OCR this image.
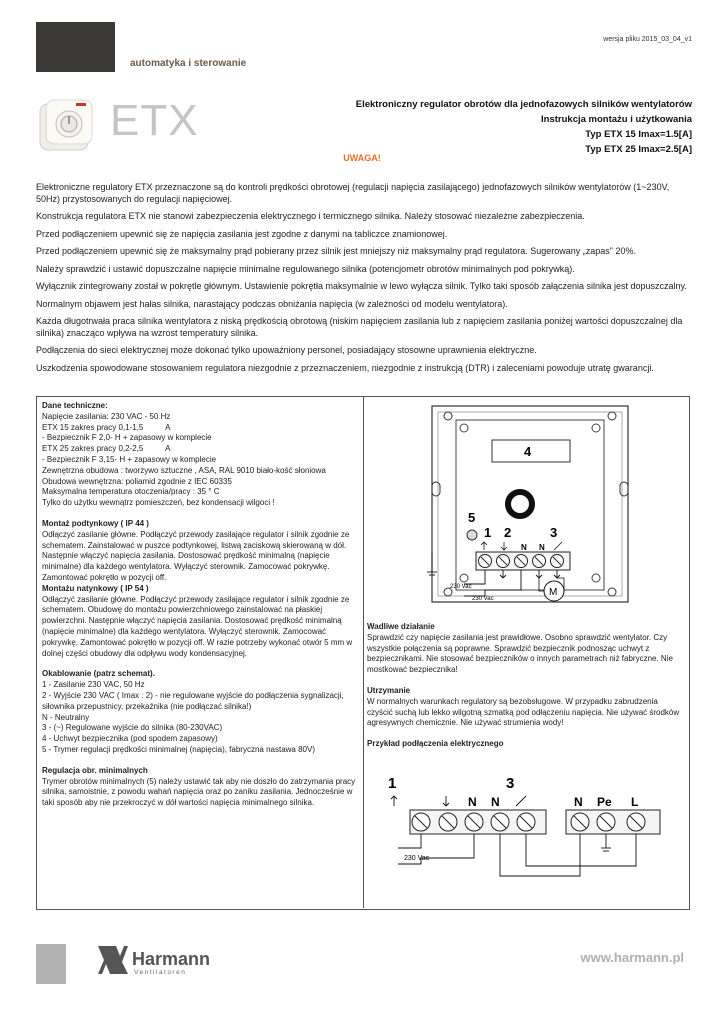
automatyka i sterowanie
wersja pliku 2015_03_04_v1
ETX	Elektroniczny regulator obrotów dla jednofazowych silników wentylatorów
Instrukcja montażu i użytkowania
Typ ETX 15 Imax=1.5[A]
Typ ETX 25 Imax=2.5[A]
UWAGA!

Elektroniczne regulatory ETX przeznaczone są do kontroli prędkości obrotowej (regulacji napięcia zasilającego) jednofazowych silników wentylatorów (1~230V, 50Hz) przystosowanych do regulacji napięciowej.

Konstrukcja regulatora ETX nie stanowi zabezpieczenia elektrycznego i termicznego silnika. Należy stosować niezależne zabezpieczenia.

Przed podłączeniem upewnić się że napięcia zasilania jest zgodne z danymi na tabliczce znamionowej.

Przed podłączeniem upewnić się że maksymalny prąd pobierany przez silnik jest mniejszy niż maksymalny prąd regulatora. Sugerowany „zapas" 20%.

Należy sprawdzić i ustawić dopuszczalne napięcie minimalne regulowanego silnika (potencjometr obrotów minimalnych pod pokrywką).

Wyłącznik zintegrowany został w pokrętle głównym. Ustawienie pokrętła maksymalnie w lewo wyłącza silnik. Tylko taki sposób załączenia silnika jest dopuszczalny.

Normalnym objawem jest hałas silnika, narastający podczas obniżania napięcia (w zależności od modelu wentylatora).

Każda długotrwała praca silnika wentylatora z niską prędkością obrotową (niskim napięciem zasilania lub z napięciem zasilania poniżej wartości dopuszczalnej dla silnika) znacząco wpływa na wzrost temperatury silnika.

Podłączenia do sieci elektrycznej może dokonać tylko upoważniony personel, posiadający stosowne uprawnienia elektryczne.

Uszkodzenia spowodowane stosowaniem regulatora niezgodnie z przeznaczeniem, niezgodnie z instrukcją (DTR) i zaleceniami powoduje utratę gwarancji.

Dane techniczne:
Napięcie zasilania: 230 VAC - 50 Hz
ETX 15 zakres pracy 0,1-1,5          A
- Bezpiecznik F 2,0- H + zapasowy w komplecie
ETX 25 zakres pracy 0,2-2,5          A
- Bezpiecznik F 3,15- H + zapasowy w komplecie
Zewnętrzna obudowa : tworzywo sztuczne , ASA, RAL 9010 biało-kość słoniowa
Obudowa wewnętrzna: poliamid zgodnie z IEC 60335
Maksymalna temperatura otoczenia/pracy : 35 ° C
Tylko do użytku wewnątrz pomieszczeń, bez kondensacji wilgoci !
Montaż podtynkowy ( IP 44 )
Odłączyć zasilanie główne. Podłączyć przewody zasilające regulator i silnik zgodnie ze schematem. Zainstalować w puszce podtynkowej, listwą zaciskową skierowaną w dół. Następnie włączyć napięcia zasilania. Dostosować prędkość minimalną (napięcie minimalne) dla każdego wentylatora. Wyłączyć sterownik. Zamocować pokrywkę. Zamontować pokrętło w pozycji off.
Montażu natynkowy ( IP 54 )
Odłączyć zasilanie główne. Podłączyć przewody zasilające regulator i silnik zgodnie ze schematem. Obudowę do montażu powierzchniowego zainstalować na płaskiej powierzchni. Następnie włączyć napięcia zasilania. Dostosować prędkość minimalną (napięcie minimalne) dla każdego wentylatora. Wyłączyć sterownik. Zamocować pokrywkę. Zamontować pokrętło w pozycji off. W razie potrzeby wykonać otwór 5 mm w dolnej części obudowy dla odpływu wody kondensacyjnej.
Okablowanie (patrz schemat).
1 - Zasilanie 230 VAC, 50 Hz
2 - Wyjście 230 VAC ( Imax : 2) - nie regulowane wyjście do podłączenia sygnalizacji, siłownika przepustnicy, przekaźnika (nie podłączać silnika!)
N - Neutralny
3 - (~) Regulowane wyjście do silnika (80-230VAC)
4 - Uchwyt bezpiecznika (pod spodem zapasowy)
5 - Trymer regulacji prędkości minimalnej (napięcia), fabryczna nastawa 80V)
Regulacja obr. minimalnych
Trymer obrotów minimalnych (5) należy ustawić tak aby nie doszło do zatrzymania pracy silnika, samoistnie, z powodu wahań napięcia oraz po zaniku zasilania. Jednocześnie w taki sposób aby nie przekroczyć w dół wartości napięcia minimalnego silnika.
4
5
1 2	3
N N
230 Vac
230 Vac
M
Wadliwe działanie
Sprawdzić czy napięcie zasilania jest prawidłowe. Osobno sprawdzić wentylator. Czy wszystkie połączenia są poprawne. Sprawdzić bezpiecznik podnosząc uchwyt z bezpiecznikami. Nie stosować bezpieczników o innych parametrach niż fabryczne. Nie mostkować bezpiecznika!
Utrzymanie
W normalnych warunkach regulatory są bezobsługowe. W przypadku zabrudzenia czyścić suchą lub lekko wilgotną szmatką pod odłączeniu napięcia. Nie używać środków agresywnych chemicznie. Nie używać strumienia wody!
Przykład podłączenia elektrycznego
1	3
N N	N Pe L
230 Vac
Harmann
Ventilatoren
www.harmann.pl
